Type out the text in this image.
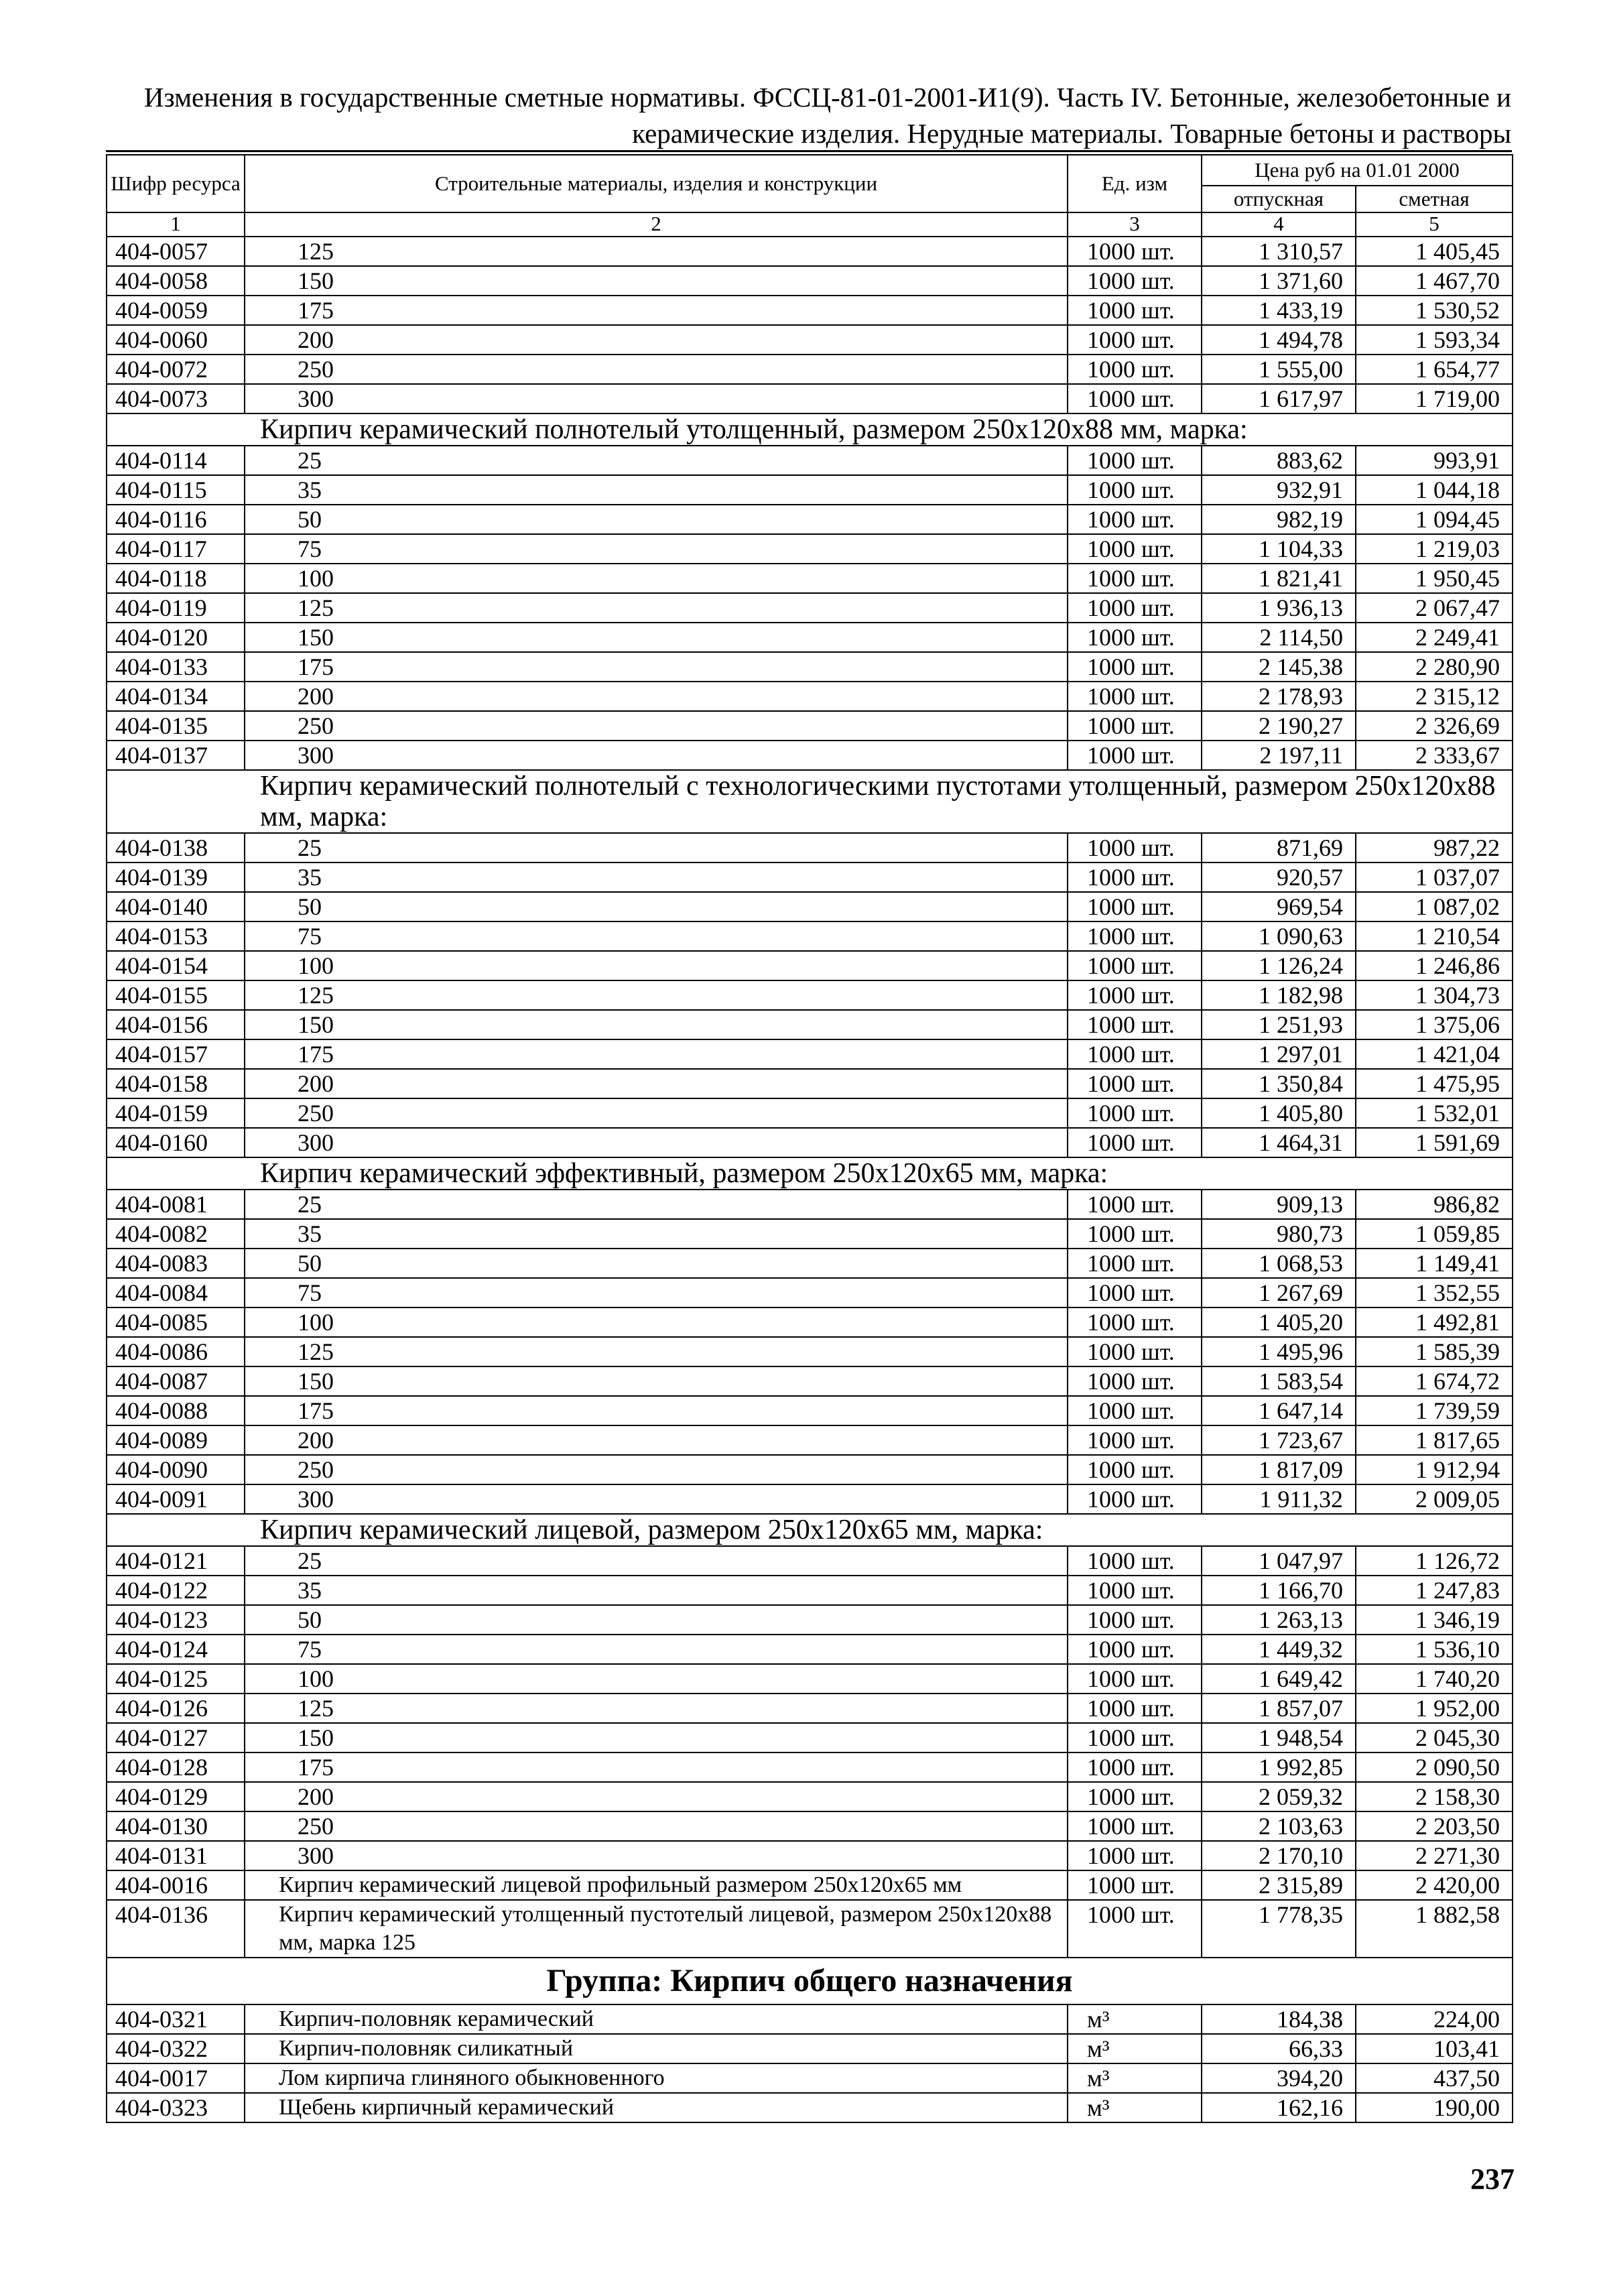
Изменения в государственные сметные нормативы. ФССЦ-81-01-2001-И1(9). Часть IV. Бетонные, железобетонные и
керамические изделия. Нерудные материалы. Товарные бетоны и растворы
Шифр ресурса	Строительные материалы, изделия и конструкции	Ед. изм	Цена руб на 01.01 2000	
			отпускная	сметная
1	2	3	4	5
404-0057	125	1000 шт.	1 310,57	1 405,45
404-0058	150	1000 шт.	1 371,60	1 467,70
404-0059	175	1000 шт.	1 433,19	1 530,52
404-0060	200	1000 шт.	1 494,78	1 593,34
404-0072	250	1000 шт.	1 555,00	1 654,77
404-0073	300	1000 шт.	1 617,97	1 719,00
Кирпич керамический полнотелый утолщенный, размером 250x120x88 мм, марка:				
404-0114	25	1000 шт.	883,62	993,91
404-0115	35	1000 шт.	932,91	1 044,18
404-0116	50	1000 шт.	982,19	1 094,45
404-0117	75	1000 шт.	1 104,33	1 219,03
404-0118	100	1000 шт.	1 821,41	1 950,45
404-0119	125	1000 шт.	1 936,13	2 067,47
404-0120	150	1000 шт.	2 114,50	2 249,41
404-0133	175	1000 шт.	2 145,38	2 280,90
404-0134	200	1000 шт.	2 178,93	2 315,12
404-0135	250	1000 шт.	2 190,27	2 326,69
404-0137	300	1000 шт.	2 197,11	2 333,67
Кирпич керамический полнотелый с технологическими пустотами утолщенный, размером 250x120x88 мм, марка:				
404-0138	25	1000 шт.	871,69	987,22
404-0139	35	1000 шт.	920,57	1 037,07
404-0140	50	1000 шт.	969,54	1 087,02
404-0153	75	1000 шт.	1 090,63	1 210,54
404-0154	100	1000 шт.	1 126,24	1 246,86
404-0155	125	1000 шт.	1 182,98	1 304,73
404-0156	150	1000 шт.	1 251,93	1 375,06
404-0157	175	1000 шт.	1 297,01	1 421,04
404-0158	200	1000 шт.	1 350,84	1 475,95
404-0159	250	1000 шт.	1 405,80	1 532,01
404-0160	300	1000 шт.	1 464,31	1 591,69
Кирпич керамический эффективный, размером 250x120x65 мм, марка:				
404-0081	25	1000 шт.	909,13	986,82
404-0082	35	1000 шт.	980,73	1 059,85
404-0083	50	1000 шт.	1 068,53	1 149,41
404-0084	75	1000 шт.	1 267,69	1 352,55
404-0085	100	1000 шт.	1 405,20	1 492,81
404-0086	125	1000 шт.	1 495,96	1 585,39
404-0087	150	1000 шт.	1 583,54	1 674,72
404-0088	175	1000 шт.	1 647,14	1 739,59
404-0089	200	1000 шт.	1 723,67	1 817,65
404-0090	250	1000 шт.	1 817,09	1 912,94
404-0091	300	1000 шт.	1 911,32	2 009,05
Кирпич керамический лицевой, размером 250x120x65 мм, марка:				
404-0121	25	1000 шт.	1 047,97	1 126,72
404-0122	35	1000 шт.	1 166,70	1 247,83
404-0123	50	1000 шт.	1 263,13	1 346,19
404-0124	75	1000 шт.	1 449,32	1 536,10
404-0125	100	1000 шт.	1 649,42	1 740,20
404-0126	125	1000 шт.	1 857,07	1 952,00
404-0127	150	1000 шт.	1 948,54	2 045,30
404-0128	175	1000 шт.	1 992,85	2 090,50
404-0129	200	1000 шт.	2 059,32	2 158,30
404-0130	250	1000 шт.	2 103,63	2 203,50
404-0131	300	1000 шт.	2 170,10	2 271,30
404-0016	Кирпич керамический лицевой профильный размером 250x120x65 мм	1000 шт.	2 315,89	2 420,00
404-0136	Кирпич керамический утолщенный пустотелый лицевой, размером 250x120x88 мм, марка 125	1000 шт.	1 778,35	1 882,58
Группа: Кирпич общего назначения				
404-0321	Кирпич-половняк керамический	м³	184,38	224,00
404-0322	Кирпич-половняк силикатный	м³	66,33	103,41
404-0017	Лом кирпича глиняного обыкновенного	м³	394,20	437,50
404-0323	Щебень кирпичный керамический	м³	162,16	190,00
237
